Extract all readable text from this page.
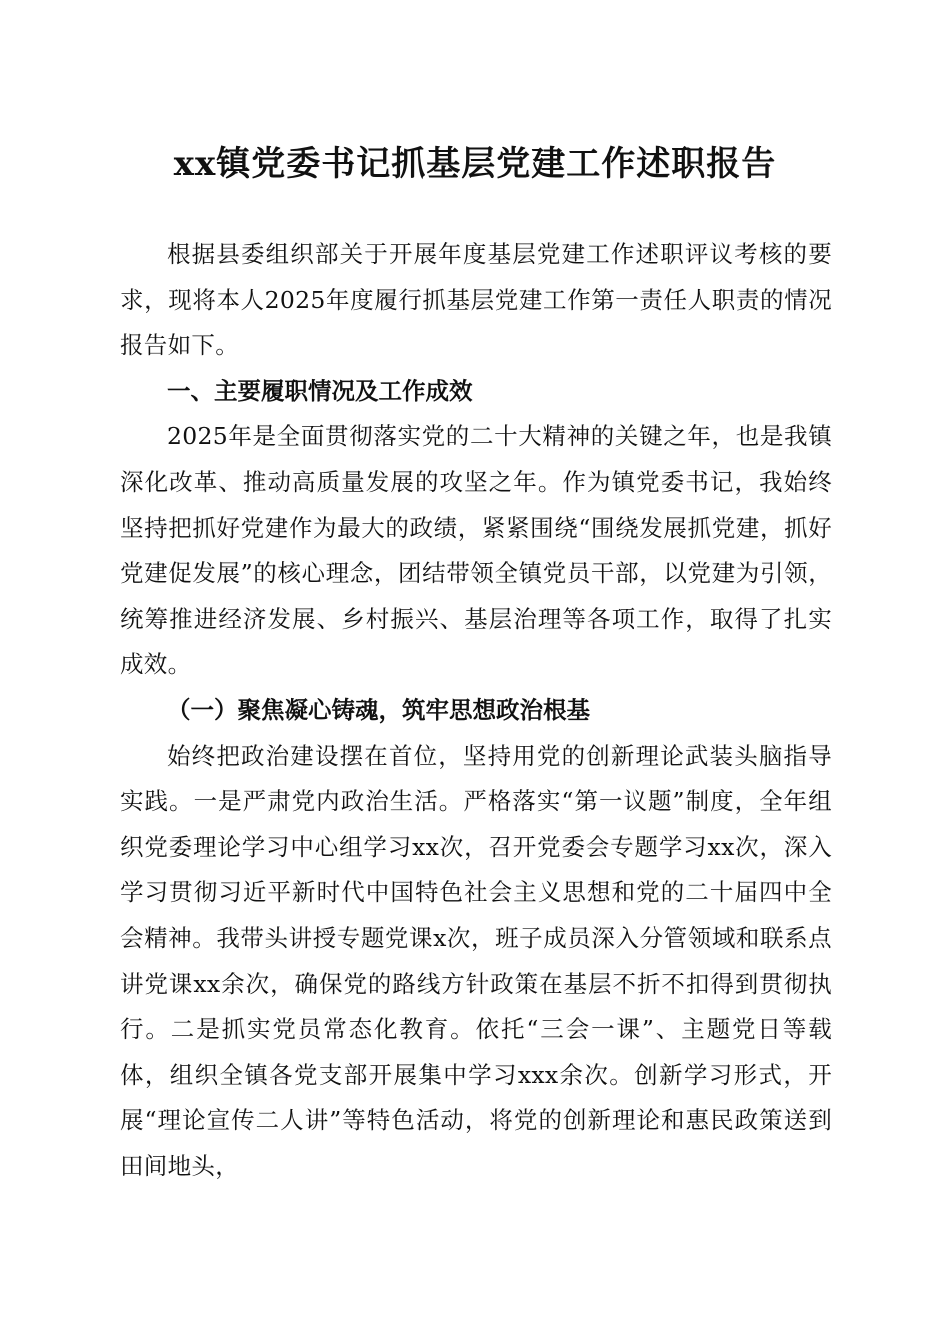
xx镇党委书记抓基层党建工作述职报告

根据县委组织部关于开展年度基层党建工作述职评议考核的要求，现将本人2025年度履行抓基层党建工作第一责任人职责的情况报告如下。

一、主要履职情况及工作成效

2025年是全面贯彻落实党的二十大精神的关键之年，也是我镇深化改革、推动高质量发展的攻坚之年。作为镇党委书记，我始终坚持把抓好党建作为最大的政绩，紧紧围绕“围绕发展抓党建，抓好党建促发展”的核心理念，团结带领全镇党员干部，以党建为引领，统筹推进经济发展、乡村振兴、基层治理等各项工作，取得了扎实成效。

（一）聚焦凝心铸魂，筑牢思想政治根基

始终把政治建设摆在首位，坚持用党的创新理论武装头脑指导实践。一是严肃党内政治生活。严格落实“第一议题”制度，全年组织党委理论学习中心组学习xx次，召开党委会专题学习xx次，深入学习贯彻习近平新时代中国特色社会主义思想和党的二十届四中全会精神。我带头讲授专题党课x次，班子成员深入分管领域和联系点讲党课xx余次，确保党的路线方针政策在基层不折不扣得到贯彻执行。二是抓实党员常态化教育。依托“三会一课”、主题党日等载体，组织全镇各党支部开展集中学习xxx余次。创新学习形式，开展“理论宣传二人讲”等特色活动，将党的创新理论和惠民政策送到田间地头，
